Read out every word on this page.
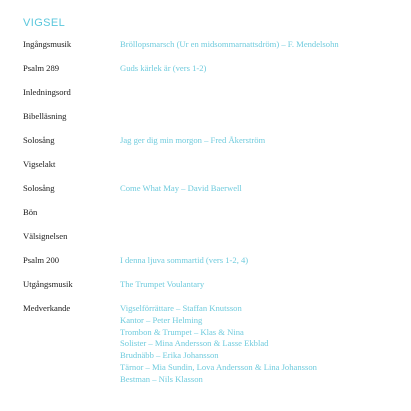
VIGSEL
Ingångsmusik	Bröllopsmarsch (Ur en midsommarnattsdröm) – F. Mendelsohn
Psalm 289	Guds kärlek är (vers 1-2)
Inledningsord
Bibelläsning
Solosång	Jag ger dig min morgon – Fred Åkerström
Vigselakt
Solosång	Come What May – David Baerwell
Bön
Välsignelsen
Psalm 200	I denna ljuva sommartid (vers 1-2, 4)
Utgångsmusik	The Trumpet Voulantary
Medverkande	Vigselförrättare – Staffan Knutsson
Kantor – Peter Helming
Trombon & Trumpet – Klas & Nina
Solister – Mina Andersson & Lasse Ekblad
Brudnäbb – Erika Johansson
Tärnor – Mia Sundin, Lova Andersson & Lina Johansson
Bestman – Nils Klasson
